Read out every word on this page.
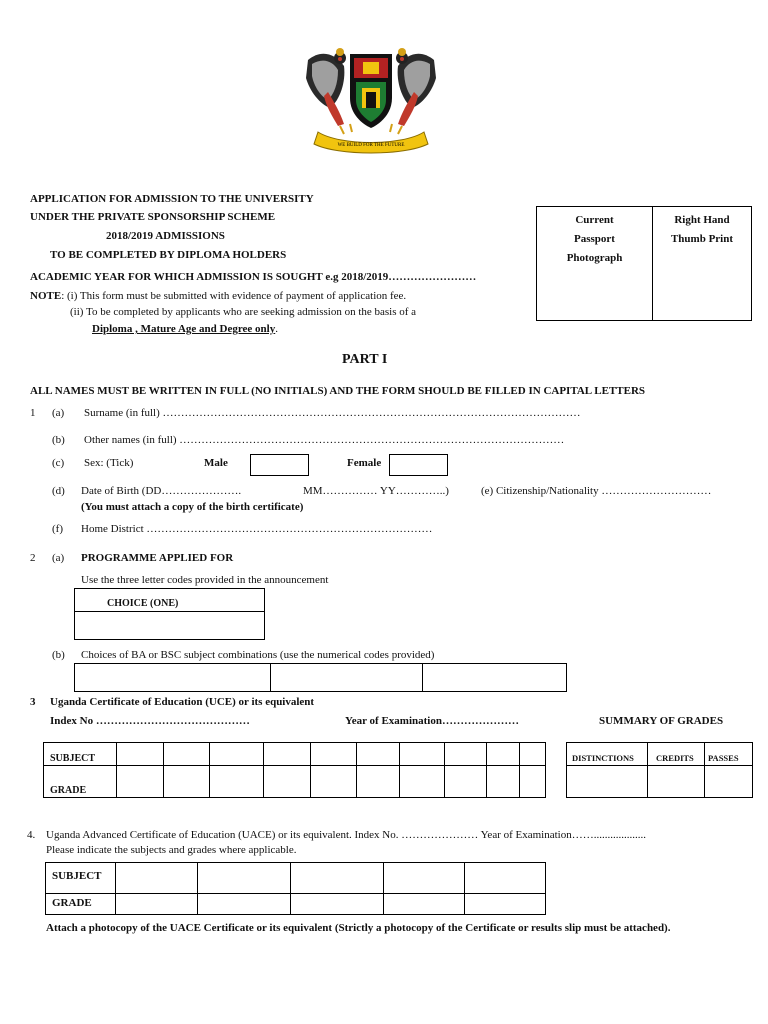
WE BUILD FOR THE FUTURE
APPLICATION FOR ADMISSION TO THE UNIVERSITY
UNDER THE PRIVATE SPONSORSHIP SCHEME
2018/2019 ADMISSIONS
TO BE COMPLETED BY DIPLOMA HOLDERS
ACADEMIC YEAR FOR WHICH ADMISSION IS SOUGHT e.g 2018/2019……………………
NOTE: (i) This form must be submitted with evidence of payment of application fee.
(ii) To be completed by applicants who are seeking admission on the basis of a
Diploma , Mature Age and Degree only.
Current
Passport
Photograph
Right Hand
Thumb Print
PART I
ALL NAMES MUST BE WRITTEN IN FULL (NO INITIALS) AND THE FORM SHOULD BE FILLED IN CAPITAL LETTERS
1 (a) Surname (in full) ……………………………………………………………………………………………………
(b) Other names (in full) ……………………………………………………………………………………………
(c) Sex: (Tick)	Male	Female
(d) Date of Birth (DD………………….	MM…………… YY…………..)	(e) Citizenship/Nationality …………………………
(You must attach a copy of the birth certificate)
(f) Home District ……………………………………………………………………
2 (a) PROGRAMME APPLIED FOR
Use the three letter codes provided in the announcement
CHOICE (ONE)
(b) Choices of BA or BSC subject combinations (use the numerical codes provided)
3 Uganda Certificate of Education (UCE) or its equivalent
Index No ……………………………………	Year of Examination…………………	SUMMARY OF GRADES
SUBJECT
GRADE
DISTINCTIONS	CREDITS PASSES
4. Uganda Advanced Certificate of Education (UACE) or its equivalent. Index No. ………………… Year of Examination……...................
Please indicate the subjects and grades where applicable.
SUBJECT
GRADE
Attach a photocopy of the UACE Certificate or its equivalent (Strictly a photocopy of the Certificate or results slip must be attached).
